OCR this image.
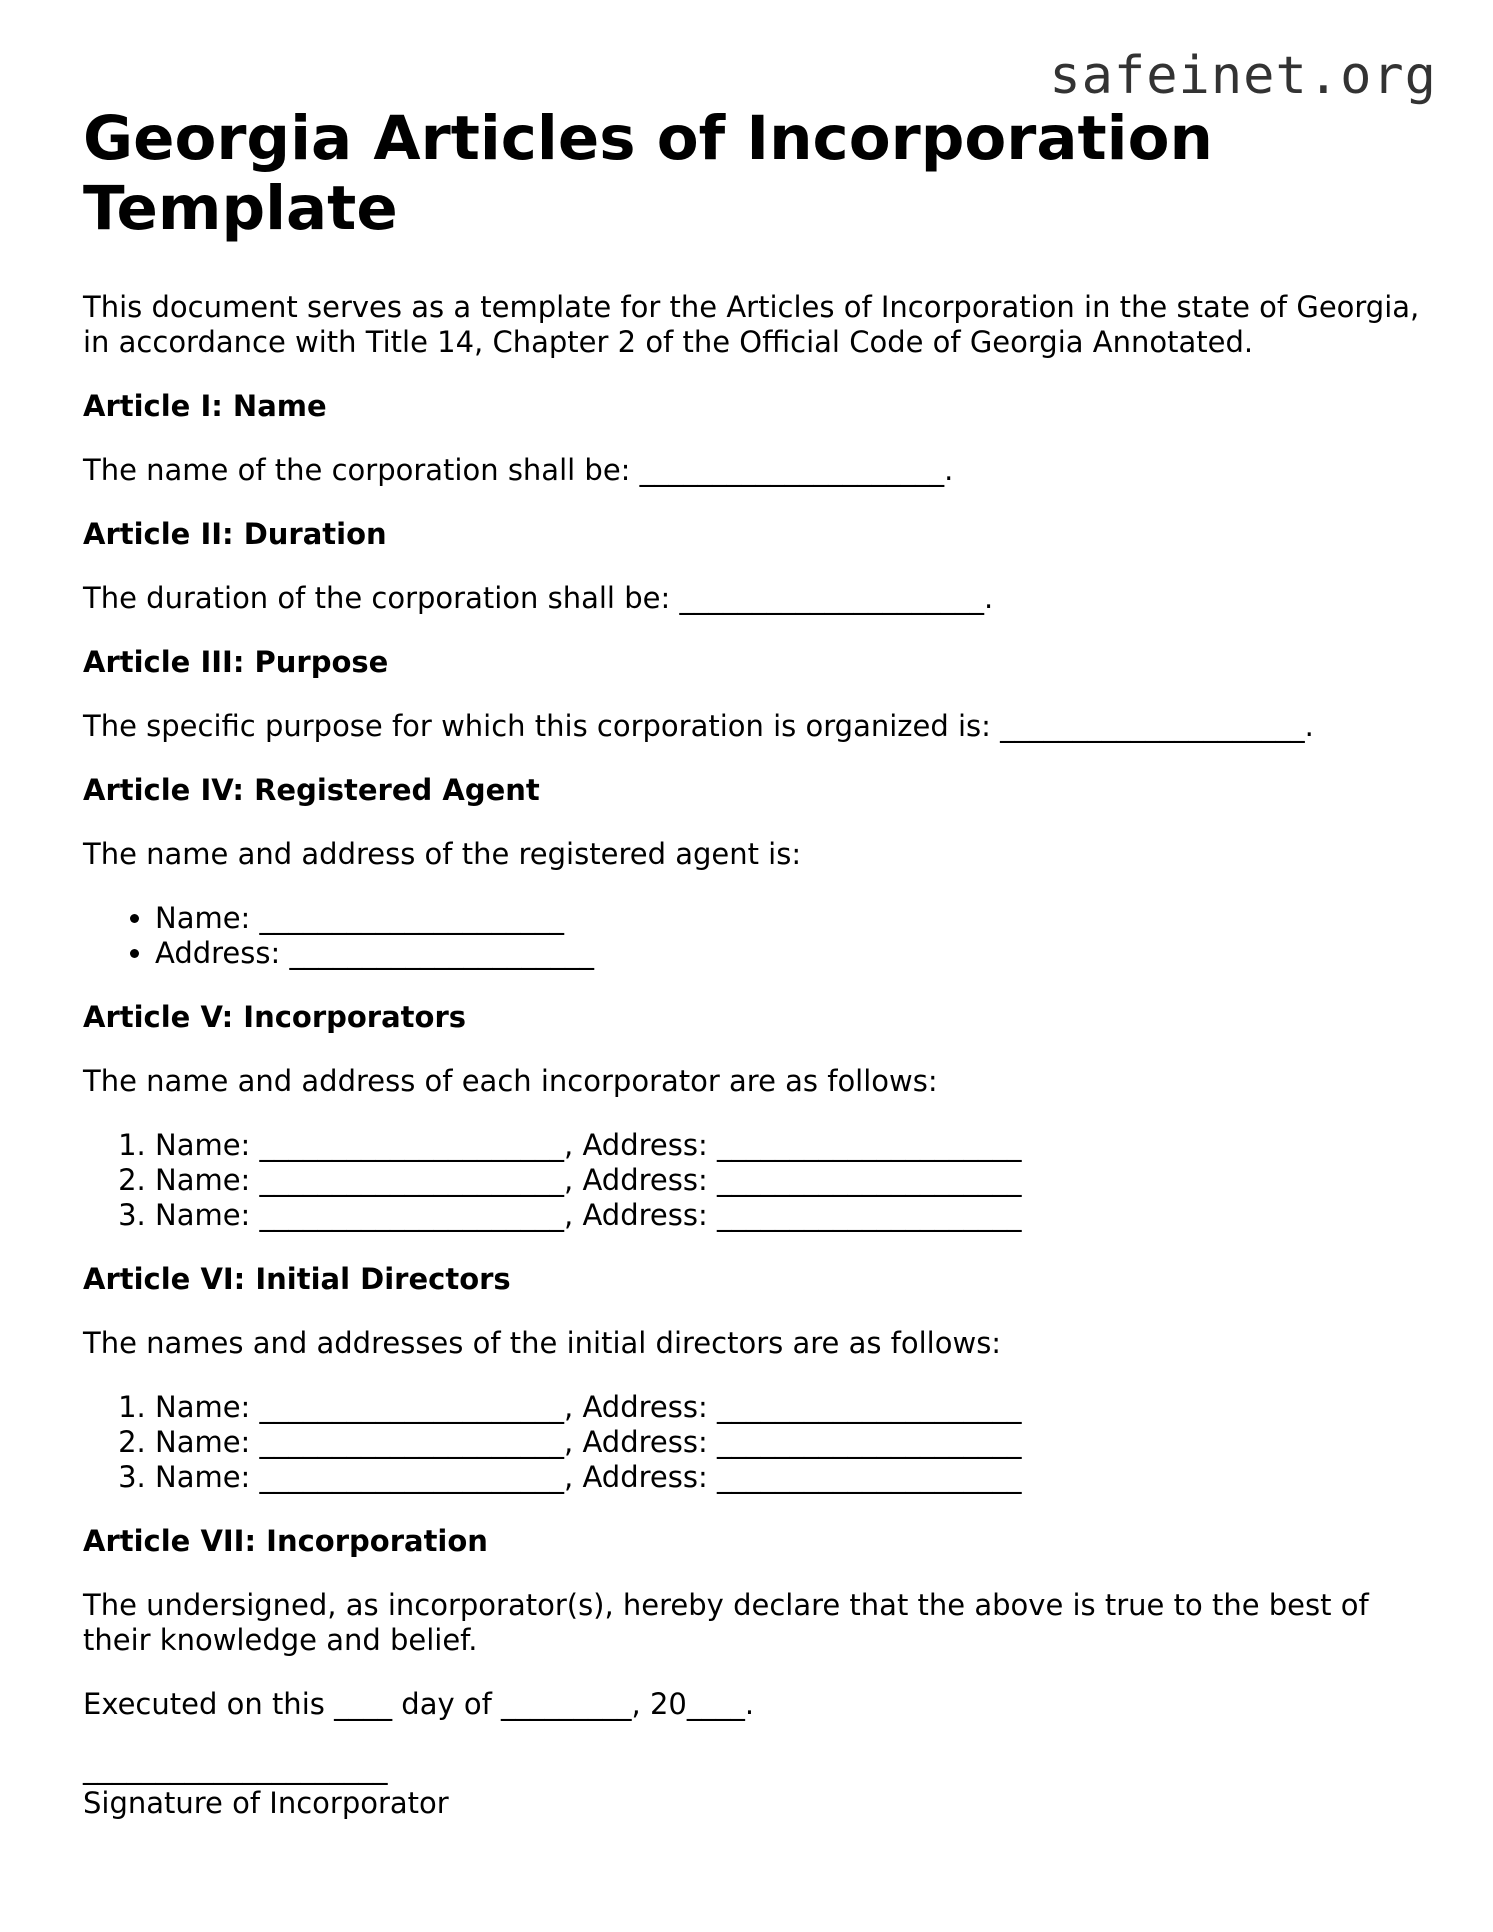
safeinet.org
Georgia Articles of Incorporation Template

This document serves as a template for the Articles of Incorporation in the state of Georgia, in accordance with Title 14, Chapter 2 of the Official Code of Georgia Annotated.

Article I: Name

The name of the corporation shall be: _____________________.

Article II: Duration

The duration of the corporation shall be: _____________________.

Article III: Purpose

The specific purpose for which this corporation is organized is: _____________________.

Article IV: Registered Agent

The name and address of the registered agent is:

• Name: _____________________
• Address: _____________________
Article V: Incorporators

The name and address of each incorporator are as follows:

1. Name: _____________________, Address: _____________________
2. Name: _____________________, Address: _____________________
3. Name: _____________________, Address: _____________________
Article VI: Initial Directors

The names and addresses of the initial directors are as follows:

1. Name: _____________________, Address: _____________________
2. Name: _____________________, Address: _____________________
3. Name: _____________________, Address: _____________________
Article VII: Incorporation

The undersigned, as incorporator(s), hereby declare that the above is true to the best of their knowledge and belief.

Executed on this ____ day of _________, 20____.

_____________________
Signature of Incorporator
